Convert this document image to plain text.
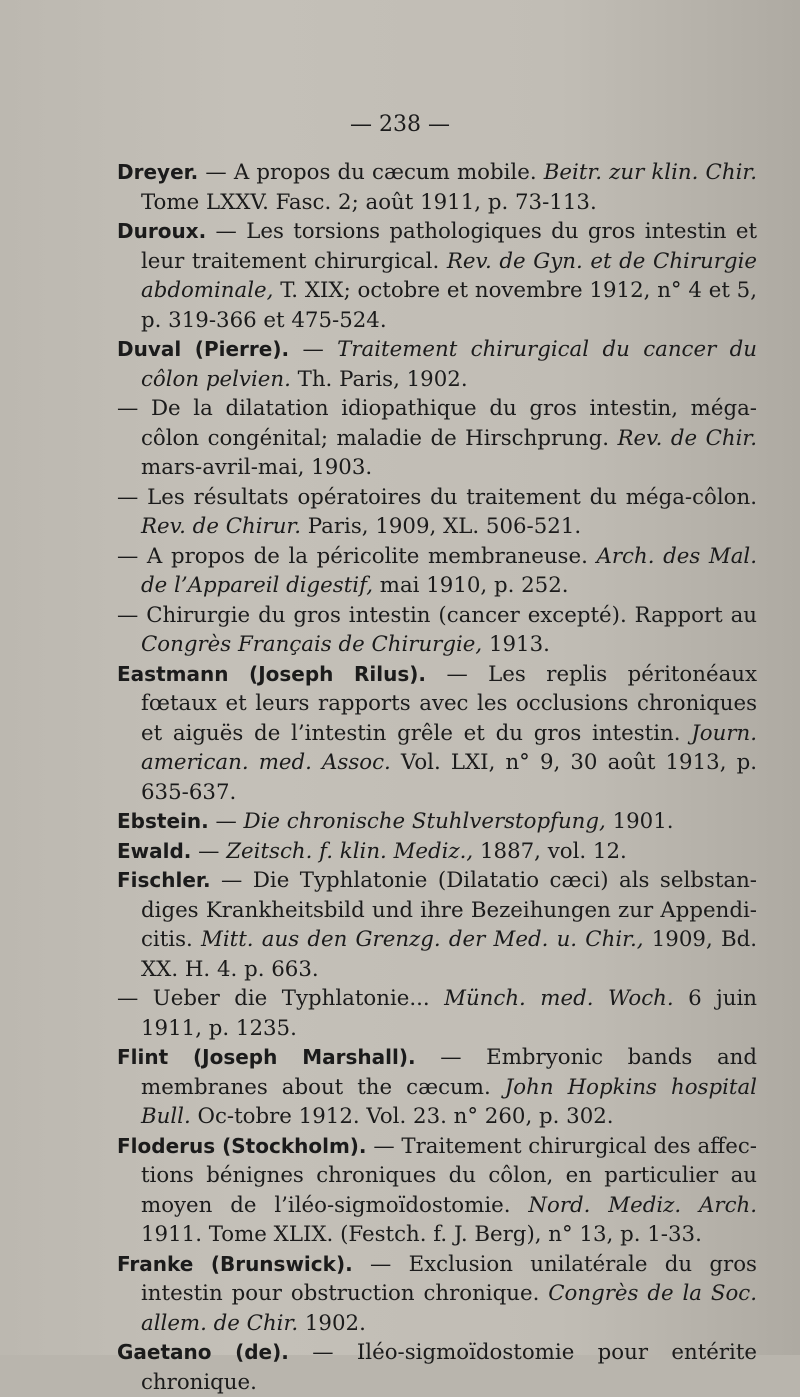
— 238 —

Dreyer. — A propos du cæcum mobile. Beitr. zur klin. Chir. Tome LXXV. Fasc. 2; août 1911, p. 73-113.

Duroux. — Les torsions pathologiques du gros intestin et leur traitement chirurgical. Rev. de Gyn. et de Chirurgie abdominale, T. XIX; octobre et novembre 1912, n° 4 et 5, p. 319-366 et 475-524.

Duval (Pierre). — Traitement chirurgical du cancer du côlon pelvien. Th. Paris, 1902.

— De la dilatation idiopathique du gros intestin, méga-côlon congénital; maladie de Hirschprung. Rev. de Chir. mars-avril-mai, 1903.

— Les résultats opératoires du traitement du méga-côlon. Rev. de Chirur. Paris, 1909, XL. 506-521.

— A propos de la péricolite membraneuse. Arch. des Mal. de l’Appareil digestif, mai 1910, p. 252.

— Chirurgie du gros intestin (cancer excepté). Rapport au Congrès Français de Chirurgie, 1913.

Eastmann (Joseph Rilus). — Les replis péritonéaux fœtaux et leurs rapports avec les occlusions chroniques et aiguës de l’intestin grêle et du gros intestin. Journ. american. med. Assoc. Vol. LXI, n° 9, 30 août 1913, p. 635-637.

Ebstein. — Die chronische Stuhlverstopfung, 1901.

Ewald. — Zeitsch. f. klin. Mediz., 1887, vol. 12.

Fischler. — Die Typhlatonie (Dilatatio cæci) als selbstan-diges Krankheitsbild und ihre Bezeihungen zur Appendi-citis. Mitt. aus den Grenzg. der Med. u. Chir., 1909, Bd. XX. H. 4. p. 663.

— Ueber die Typhlatonie... Münch. med. Woch. 6 juin 1911, p. 1235.

Flint (Joseph Marshall). — Embryonic bands and membranes about the cæcum. John Hopkins hospital Bull. Oc-tobre 1912. Vol. 23. n° 260, p. 302.

Floderus (Stockholm). — Traitement chirurgical des affec-tions bénignes chroniques du côlon, en particulier au moyen de l’iléo-sigmoïdostomie. Nord. Mediz. Arch. 1911. Tome XLIX. (Festch. f. J. Berg), n° 13, p. 1-33.

Franke (Brunswick). — Exclusion unilatérale du gros intestin pour obstruction chronique. Congrès de la Soc. allem. de Chir. 1902.

Gaetano (de). — Iléo-sigmoïdostomie pour entérite chronique.
